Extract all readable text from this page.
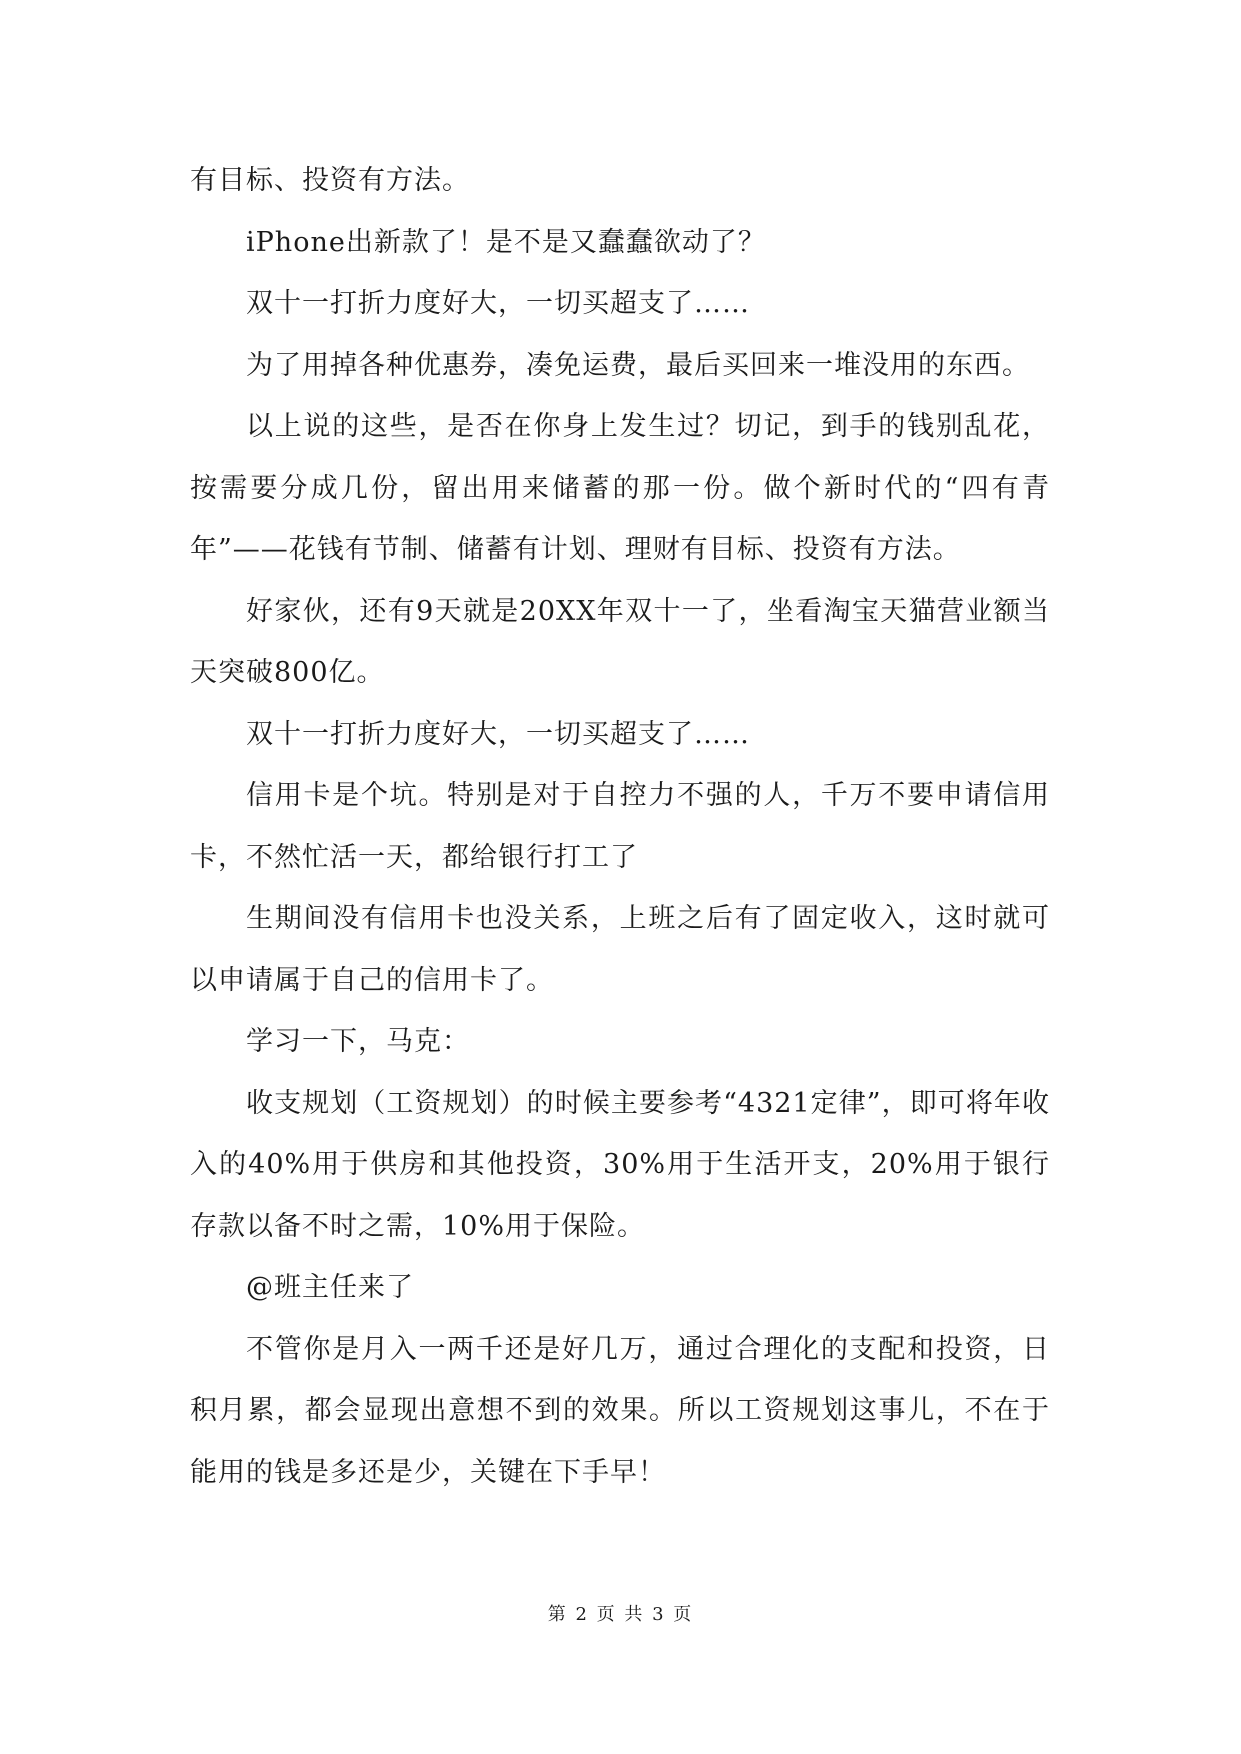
有目标、投资有方法。

iPhone出新款了！是不是又蠢蠢欲动了？

双十一打折力度好大，一切买超支了……

为了用掉各种优惠券，凑免运费，最后买回来一堆没用的东西。

以上说的这些，是否在你身上发生过？切记，到手的钱别乱花，按需要分成几份，留出用来储蓄的那一份。做个新时代的“四有青年”——花钱有节制、储蓄有计划、理财有目标、投资有方法。

好家伙，还有9天就是20XX年双十一了，坐看淘宝天猫营业额当天突破800亿。

双十一打折力度好大，一切买超支了……

信用卡是个坑。特别是对于自控力不强的人，千万不要申请信用卡，不然忙活一天，都给银行打工了

生期间没有信用卡也没关系，上班之后有了固定收入，这时就可以申请属于自己的信用卡了。

学习一下，马克：

收支规划（工资规划）的时候主要参考“4321定律”，即可将年收入的40%用于供房和其他投资，30%用于生活开支，20%用于银行存款以备不时之需，10%用于保险。

@班主任来了

不管你是月入一两千还是好几万，通过合理化的支配和投资，日积月累，都会显现出意想不到的效果。所以工资规划这事儿，不在于能用的钱是多还是少，关键在下手早！

第 2 页 共 3 页
